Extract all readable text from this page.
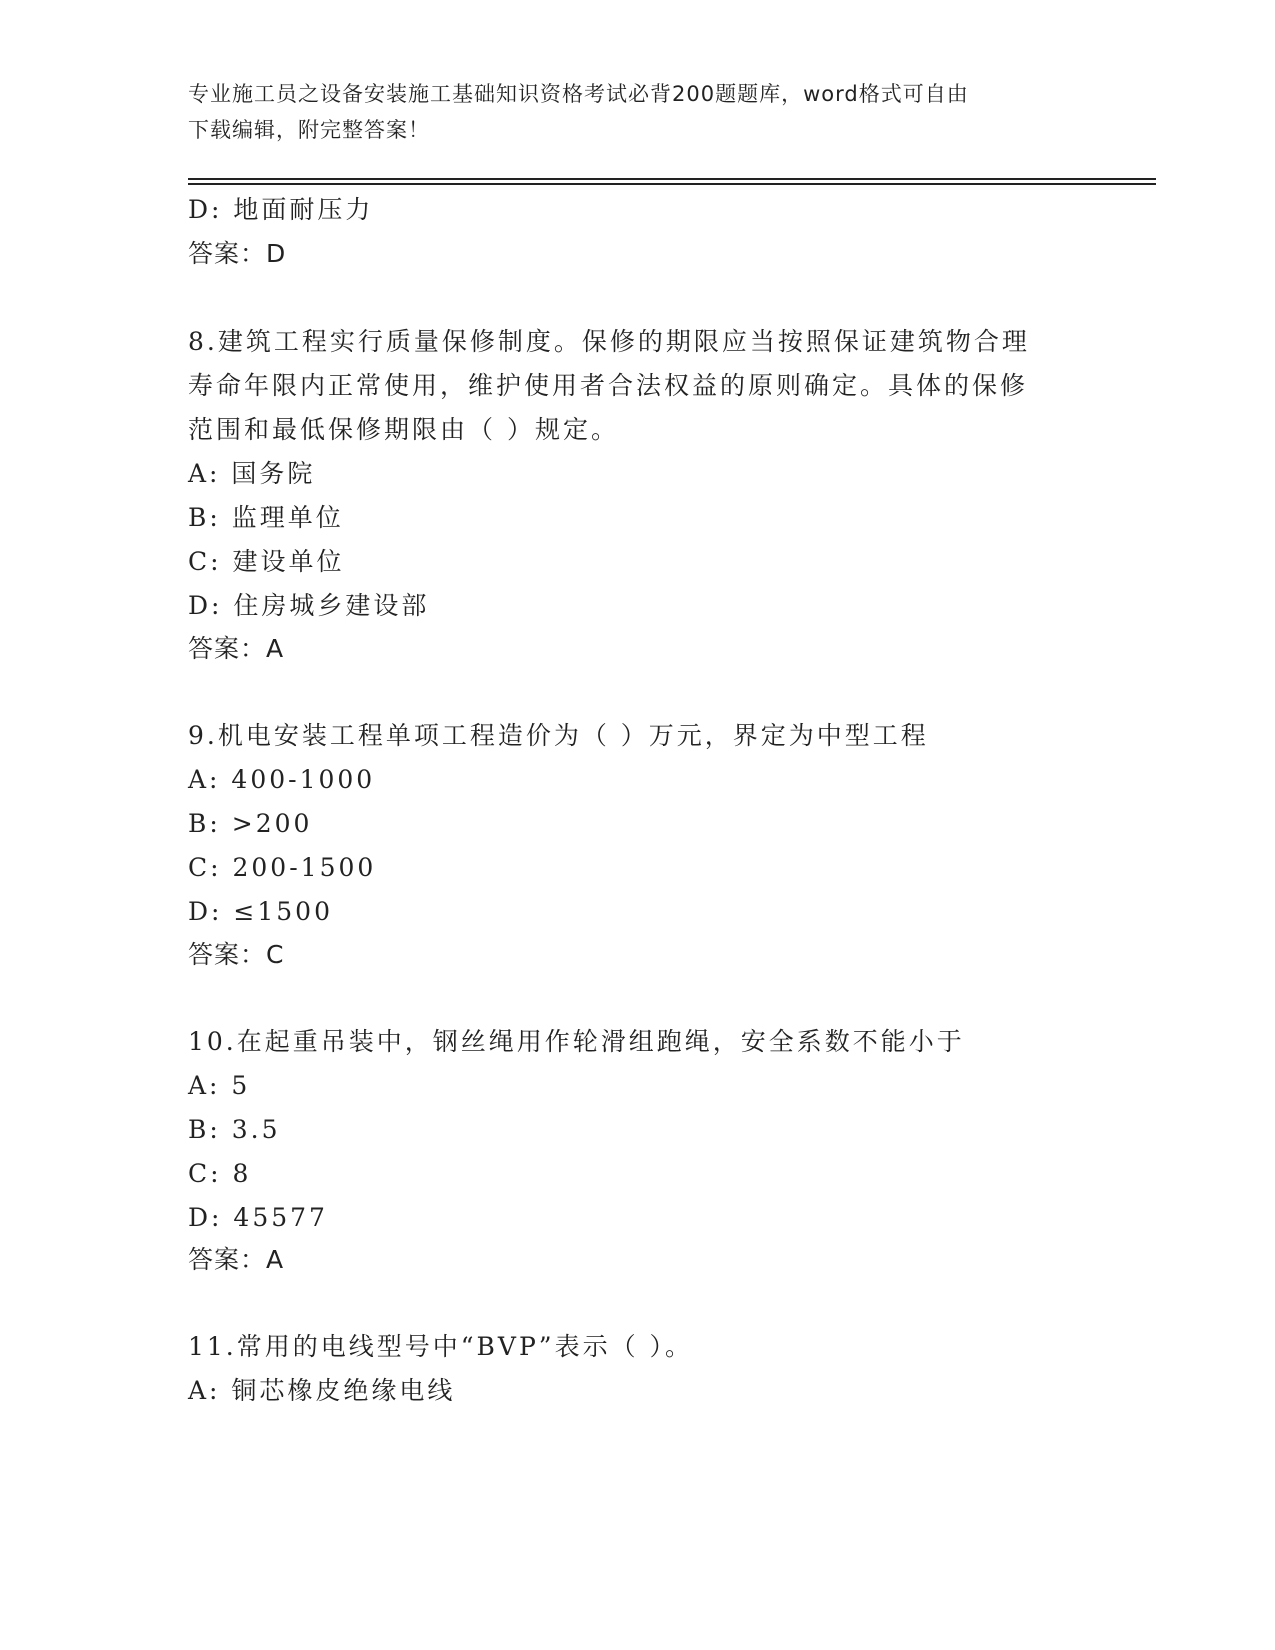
专业施工员之设备安装施工基础知识资格考试必背200题题库，word格式可自由
下载编辑，附完整答案！
D: 地面耐压力
答案：D
8.建筑工程实行质量保修制度。保修的期限应当按照保证建筑物合理
寿命年限内正常使用，维护使用者合法权益的原则确定。具体的保修
范围和最低保修期限由（ ）规定。
A: 国务院
B: 监理单位
C: 建设单位
D: 住房城乡建设部
答案：A
9.机电安装工程单项工程造价为（ ）万元，界定为中型工程
A: 400-1000
B: >200
C: 200-1500
D: ≤1500
答案：C
10.在起重吊装中，钢丝绳用作轮滑组跑绳，安全系数不能小于
A: 5
B: 3.5
C: 8
D: 45577
答案：A
11.常用的电线型号中“BVP”表示（ ）。
A: 铜芯橡皮绝缘电线
